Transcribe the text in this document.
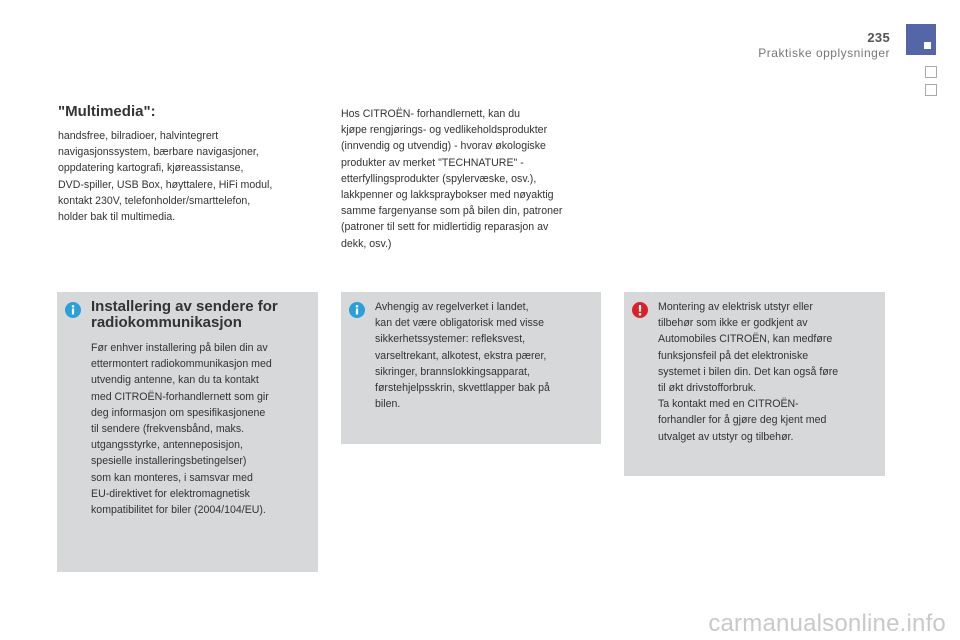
235
Praktiske opplysninger
"Multimedia":
handsfree, bilradioer, halvintegrert
navigasjonssystem, bærbare navigasjoner,
oppdatering kartografi, kjøreassistanse,
DVD-spiller, USB Box, høyttalere, HiFi modul,
kontakt 230V, telefonholder/smarttelefon,
holder bak til multimedia.
Hos CITROËN- forhandlernett, kan du
kjøpe rengjørings- og vedlikeholdsprodukter
(innvendig og utvendig) - hvorav økologiske
produkter av merket "TECHNATURE" -
etterfyllingsprodukter (spylervæske, osv.),
lakkpenner og lakkspraybokser med nøyaktig
samme fargenyanse som på bilen din, patroner
(patroner til sett for midlertidig reparasjon av
dekk, osv.)
Installering av sendere for
radiokommunikasjon
Før enhver installering på bilen din av
ettermontert radiokommunikasjon med
utvendig antenne, kan du ta kontakt
med CITROËN-forhandlernett som gir
deg informasjon om spesifikasjonene
til sendere (frekvensbånd, maks.
utgangsstyrke, antenneposisjon,
spesielle installeringsbetingelser)
som kan monteres, i samsvar med
EU-direktivet for elektromagnetisk
kompatibilitet for biler (2004/104/EU).
Avhengig av regelverket i landet,
kan det være obligatorisk med visse
sikkerhetssystemer: refleksvest,
varseltrekant, alkotest, ekstra pærer,
sikringer, brannslokkingsapparat,
førstehjelpsskrin, skvettlapper bak på
bilen.
Montering av elektrisk utstyr eller
tilbehør som ikke er godkjent av
Automobiles CITROËN, kan medføre
funksjonsfeil på det elektroniske
systemet i bilen din. Det kan også føre
til økt drivstofforbruk.
Ta kontakt med en CITROËN-
forhandler for å gjøre deg kjent med
utvalget av utstyr og tilbehør.
carmanualsonline.info
